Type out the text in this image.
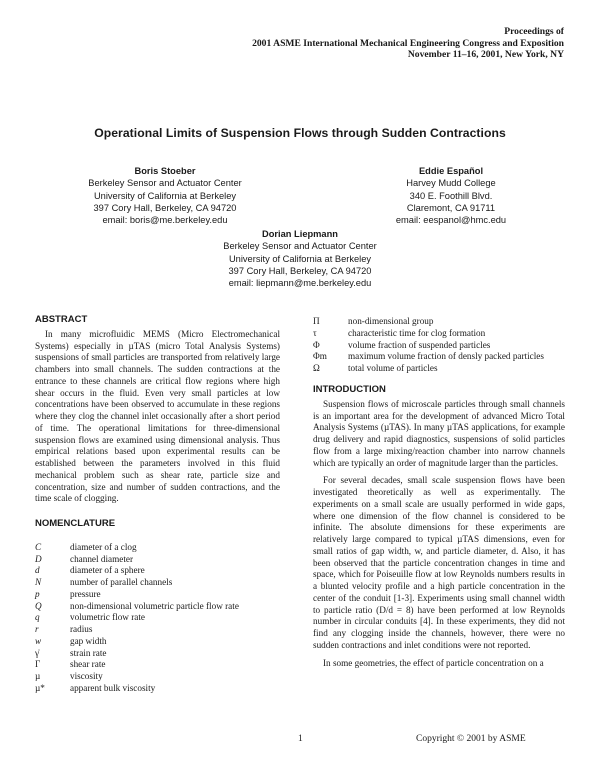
Proceedings of
2001 ASME International Mechanical Engineering Congress and Exposition
November 11–16, 2001, New York, NY
Operational Limits of Suspension Flows through Sudden Contractions
Boris Stoeber
Berkeley Sensor and Actuator Center
University of California at Berkeley
397 Cory Hall, Berkeley, CA 94720
email: boris@me.berkeley.edu
Eddie Español
Harvey Mudd College
340 E. Foothill Blvd.
Claremont, CA 91711
email: eespanol@hmc.edu
Dorian Liepmann
Berkeley Sensor and Actuator Center
University of California at Berkeley
397 Cory Hall, Berkeley, CA 94720
email: liepmann@me.berkeley.edu
ABSTRACT

In many microfluidic MEMS (Micro Electromechanical Systems) especially in µTAS (micro Total Analysis Systems) suspensions of small particles are transported from relatively large chambers into small channels. The sudden contractions at the entrance to these channels are critical flow regions where high shear occurs in the fluid. Even very small particles at low concentrations have been observed to accumulate in these regions where they clog the channel inlet occasionally after a short period of time. The operational limitations for three-dimensional suspension flows are examined using dimensional analysis. Thus empirical relations based upon experimental results can be established between the parameters involved in this fluid mechanical problem such as shear rate, particle size and concentration, size and number of sudden contractions, and the time scale of clogging.

NOMENCLATURE
C	diameter of a clog
D	channel diameter
d	diameter of a sphere
N	number of parallel channels
p	pressure
Q	non-dimensional volumetric particle flow rate
q	volumetric flow rate
r	radius
w	gap width
γ̇	strain rate
Γ	shear rate
µ	viscosity
µ*	apparent bulk viscosity
Π	non-dimensional group
τ	characteristic time for clog formation
Φ	volume fraction of suspended particles
Φm	maximum volume fraction of densly packed particles
Ω	total volume of particles
INTRODUCTION

Suspension flows of microscale particles through small channels is an important area for the development of advanced Micro Total Analysis Systems (µTAS). In many µTAS applications, for example drug delivery and rapid diagnostics, suspensions of solid particles flow from a large mixing/reaction chamber into narrow channels which are typically an order of magnitude larger than the particles.

For several decades, small scale suspension flows have been investigated theoretically as well as experimentally. The experiments on a small scale are usually performed in wide gaps, where one dimension of the flow channel is considered to be infinite. The absolute dimensions for these experiments are relatively large compared to typical µTAS dimensions, even for small ratios of gap width, w, and particle diameter, d. Also, it has been observed that the particle concentration changes in time and space, which for Poiseuille flow at low Reynolds numbers results in a blunted velocity profile and a high particle concentration in the center of the conduit [1-3]. Experiments using small channel width to particle ratio (D/d = 8) have been performed at low Reynolds number in circular conduits [4]. In these experiments, they did not find any clogging inside the channels, however, there were no sudden contractions and inlet conditions were not reported.

In some geometries, the effect of particle concentration on a

1	Copyright © 2001 by ASME
